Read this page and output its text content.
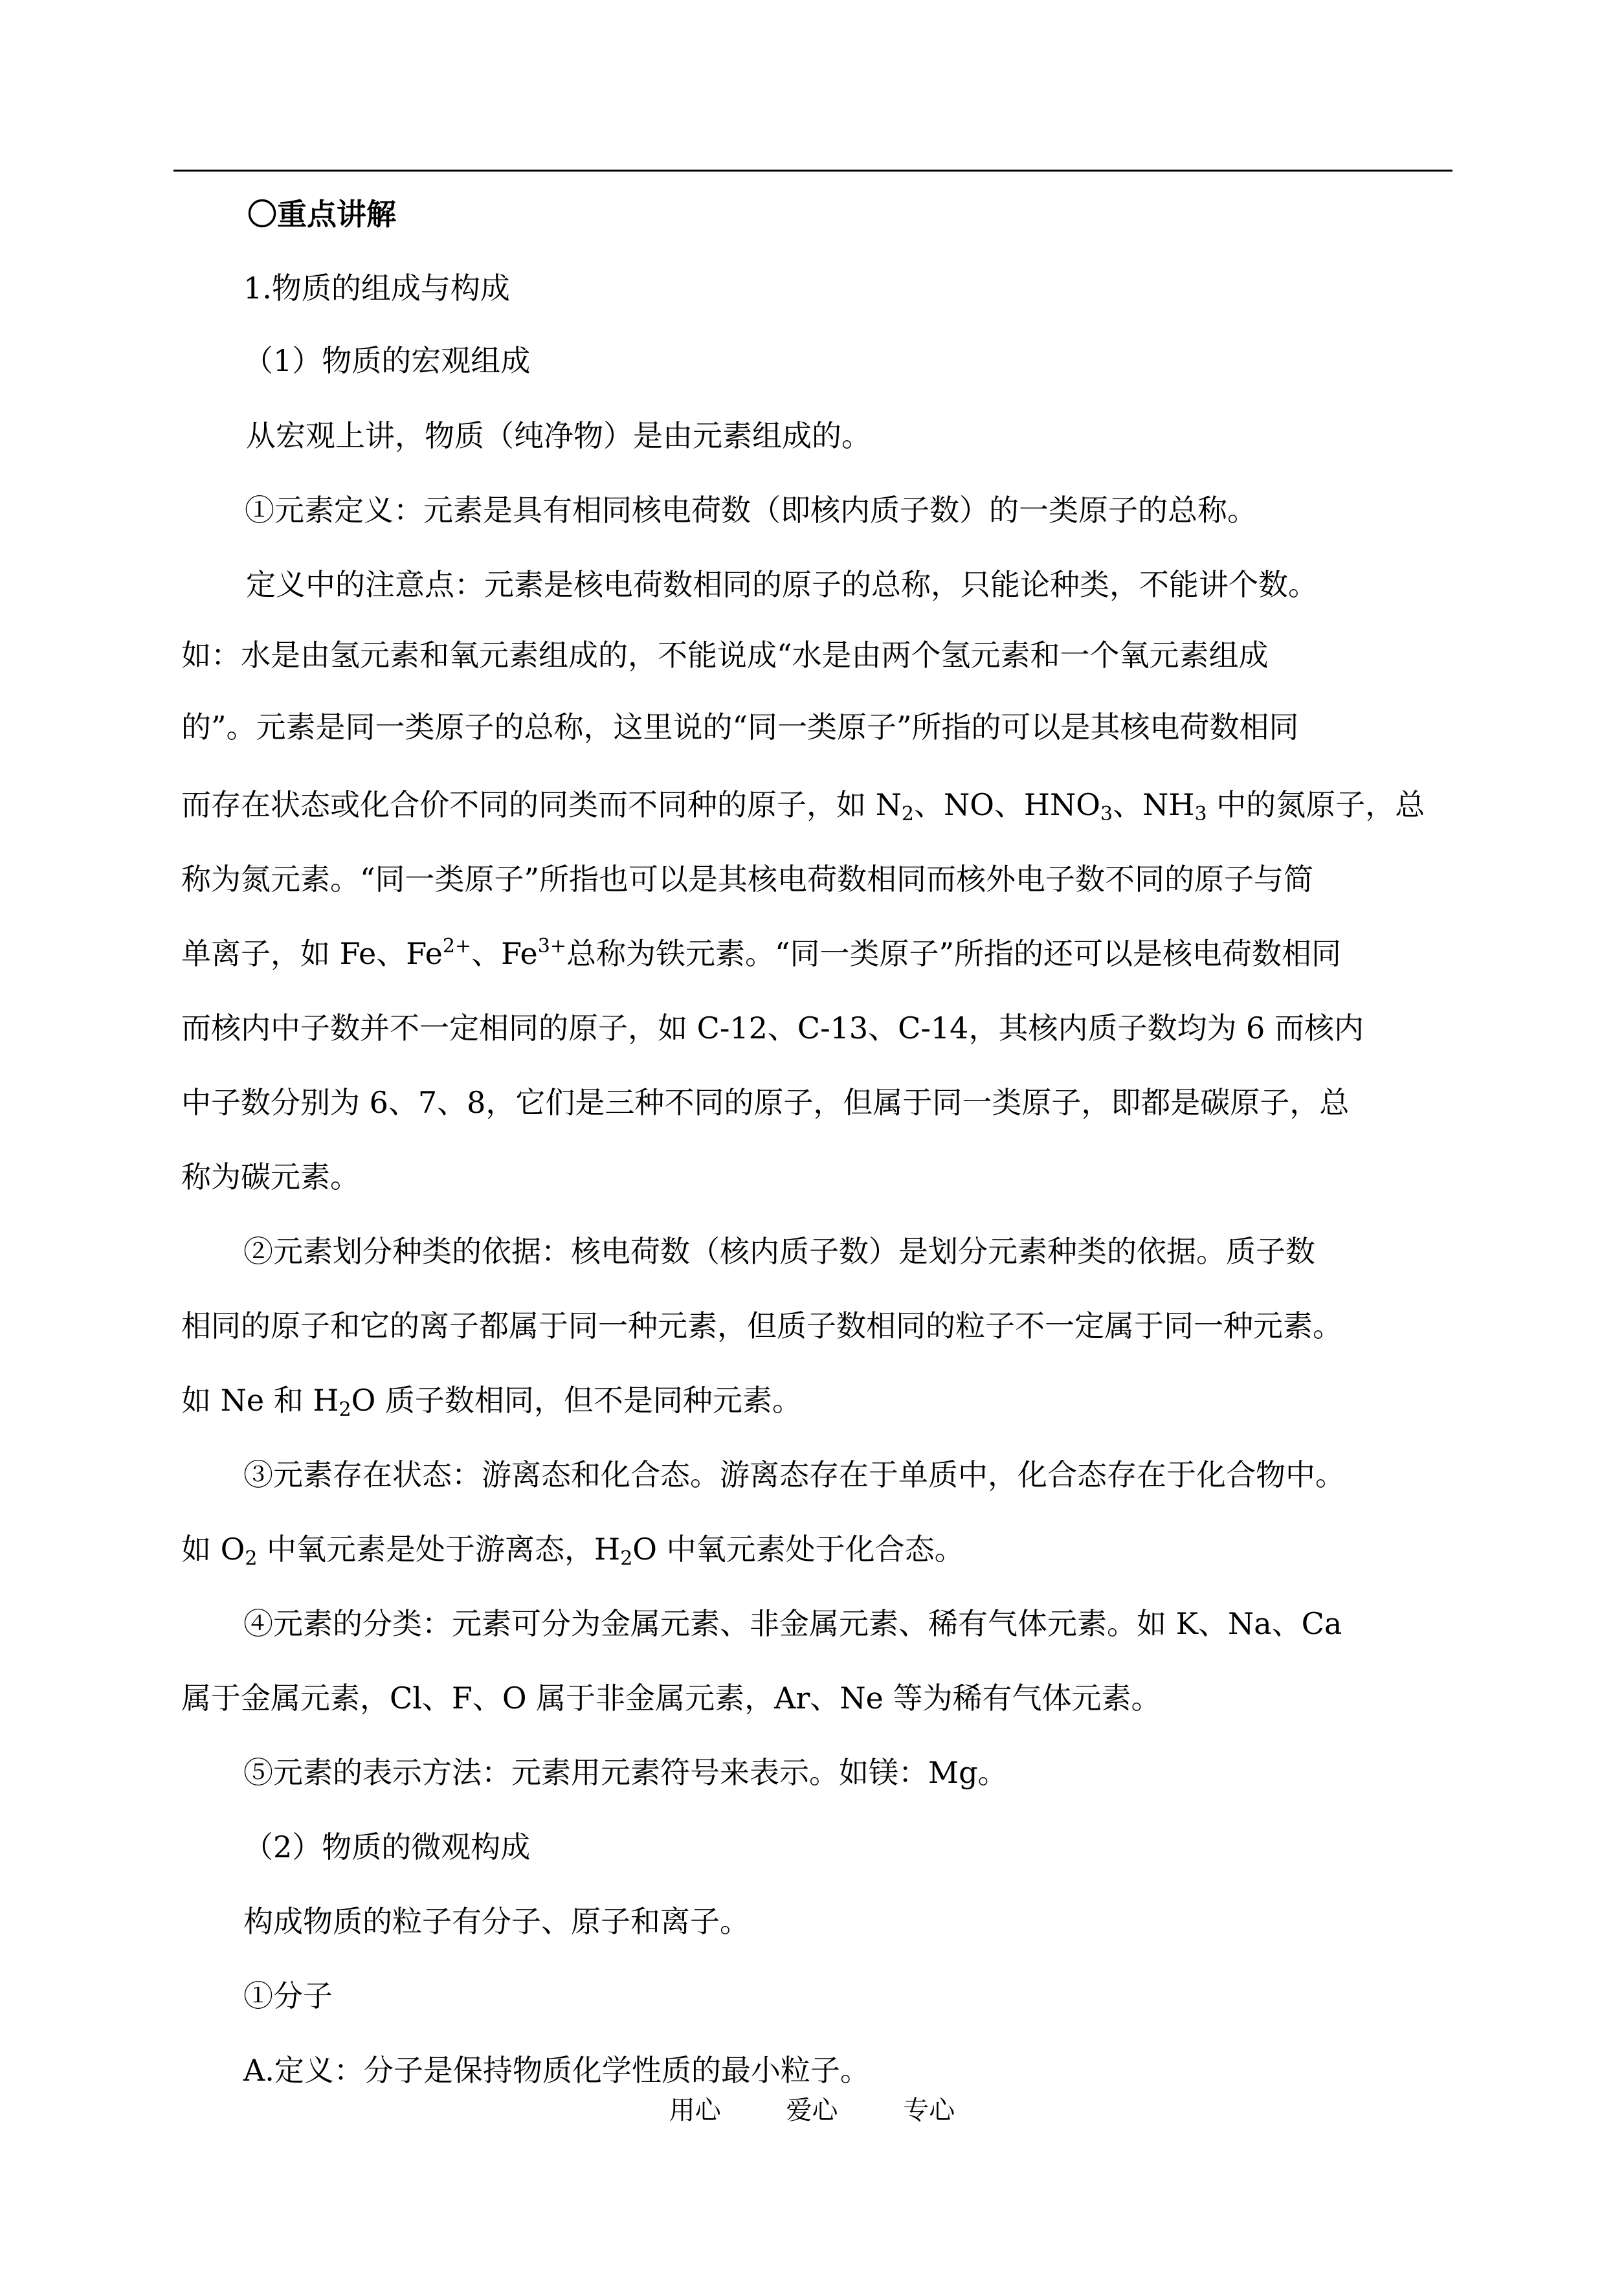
〇重点讲解
1.物质的组成与构成
（1）物质的宏观组成
从宏观上讲，物质（纯净物）是由元素组成的。
①元素定义：元素是具有相同核电荷数（即核内质子数）的一类原子的总称。
定义中的注意点：元素是核电荷数相同的原子的总称，只能论种类，不能讲个数。
如：水是由氢元素和氧元素组成的，不能说成“水是由两个氢元素和一个氧元素组成
的”。元素是同一类原子的总称，这里说的“同一类原子”所指的可以是其核电荷数相同
而存在状态或化合价不同的同类而不同种的原子，如 $N_2$、NO、$HNO_3$、$NH_3$ 中的氮原子，总
称为氮元素。“同一类原子”所指也可以是其核电荷数相同而核外电子数不同的原子与简
单离子，如 Fe、$Fe^{2+}$、$Fe^{3+}$总称为铁元素。“同一类原子”所指的还可以是核电荷数相同
而核内中子数并不一定相同的原子，如 C-12、C-13、C-14，其核内质子数均为 6 而核内
中子数分别为 6、7、8，它们是三种不同的原子，但属于同一类原子，即都是碳原子，总
称为碳元素。
②元素划分种类的依据：核电荷数（核内质子数）是划分元素种类的依据。质子数
相同的原子和它的离子都属于同一种元素，但质子数相同的粒子不一定属于同一种元素。
如 Ne 和 $H_2O$ 质子数相同，但不是同种元素。
③元素存在状态：游离态和化合态。游离态存在于单质中，化合态存在于化合物中。
如 $O_2$ 中氧元素是处于游离态，$H_2O$ 中氧元素处于化合态。
④元素的分类：元素可分为金属元素、非金属元素、稀有气体元素。如 K、Na、Ca
属于金属元素，Cl、F、O 属于非金属元素，Ar、Ne 等为稀有气体元素。
⑤元素的表示方法：元素用元素符号来表示。如镁：Mg。
（2）物质的微观构成
构成物质的粒子有分子、原子和离子。
①分子
A.定义：分子是保持物质化学性质的最小粒子。
用心	爱心	专心
